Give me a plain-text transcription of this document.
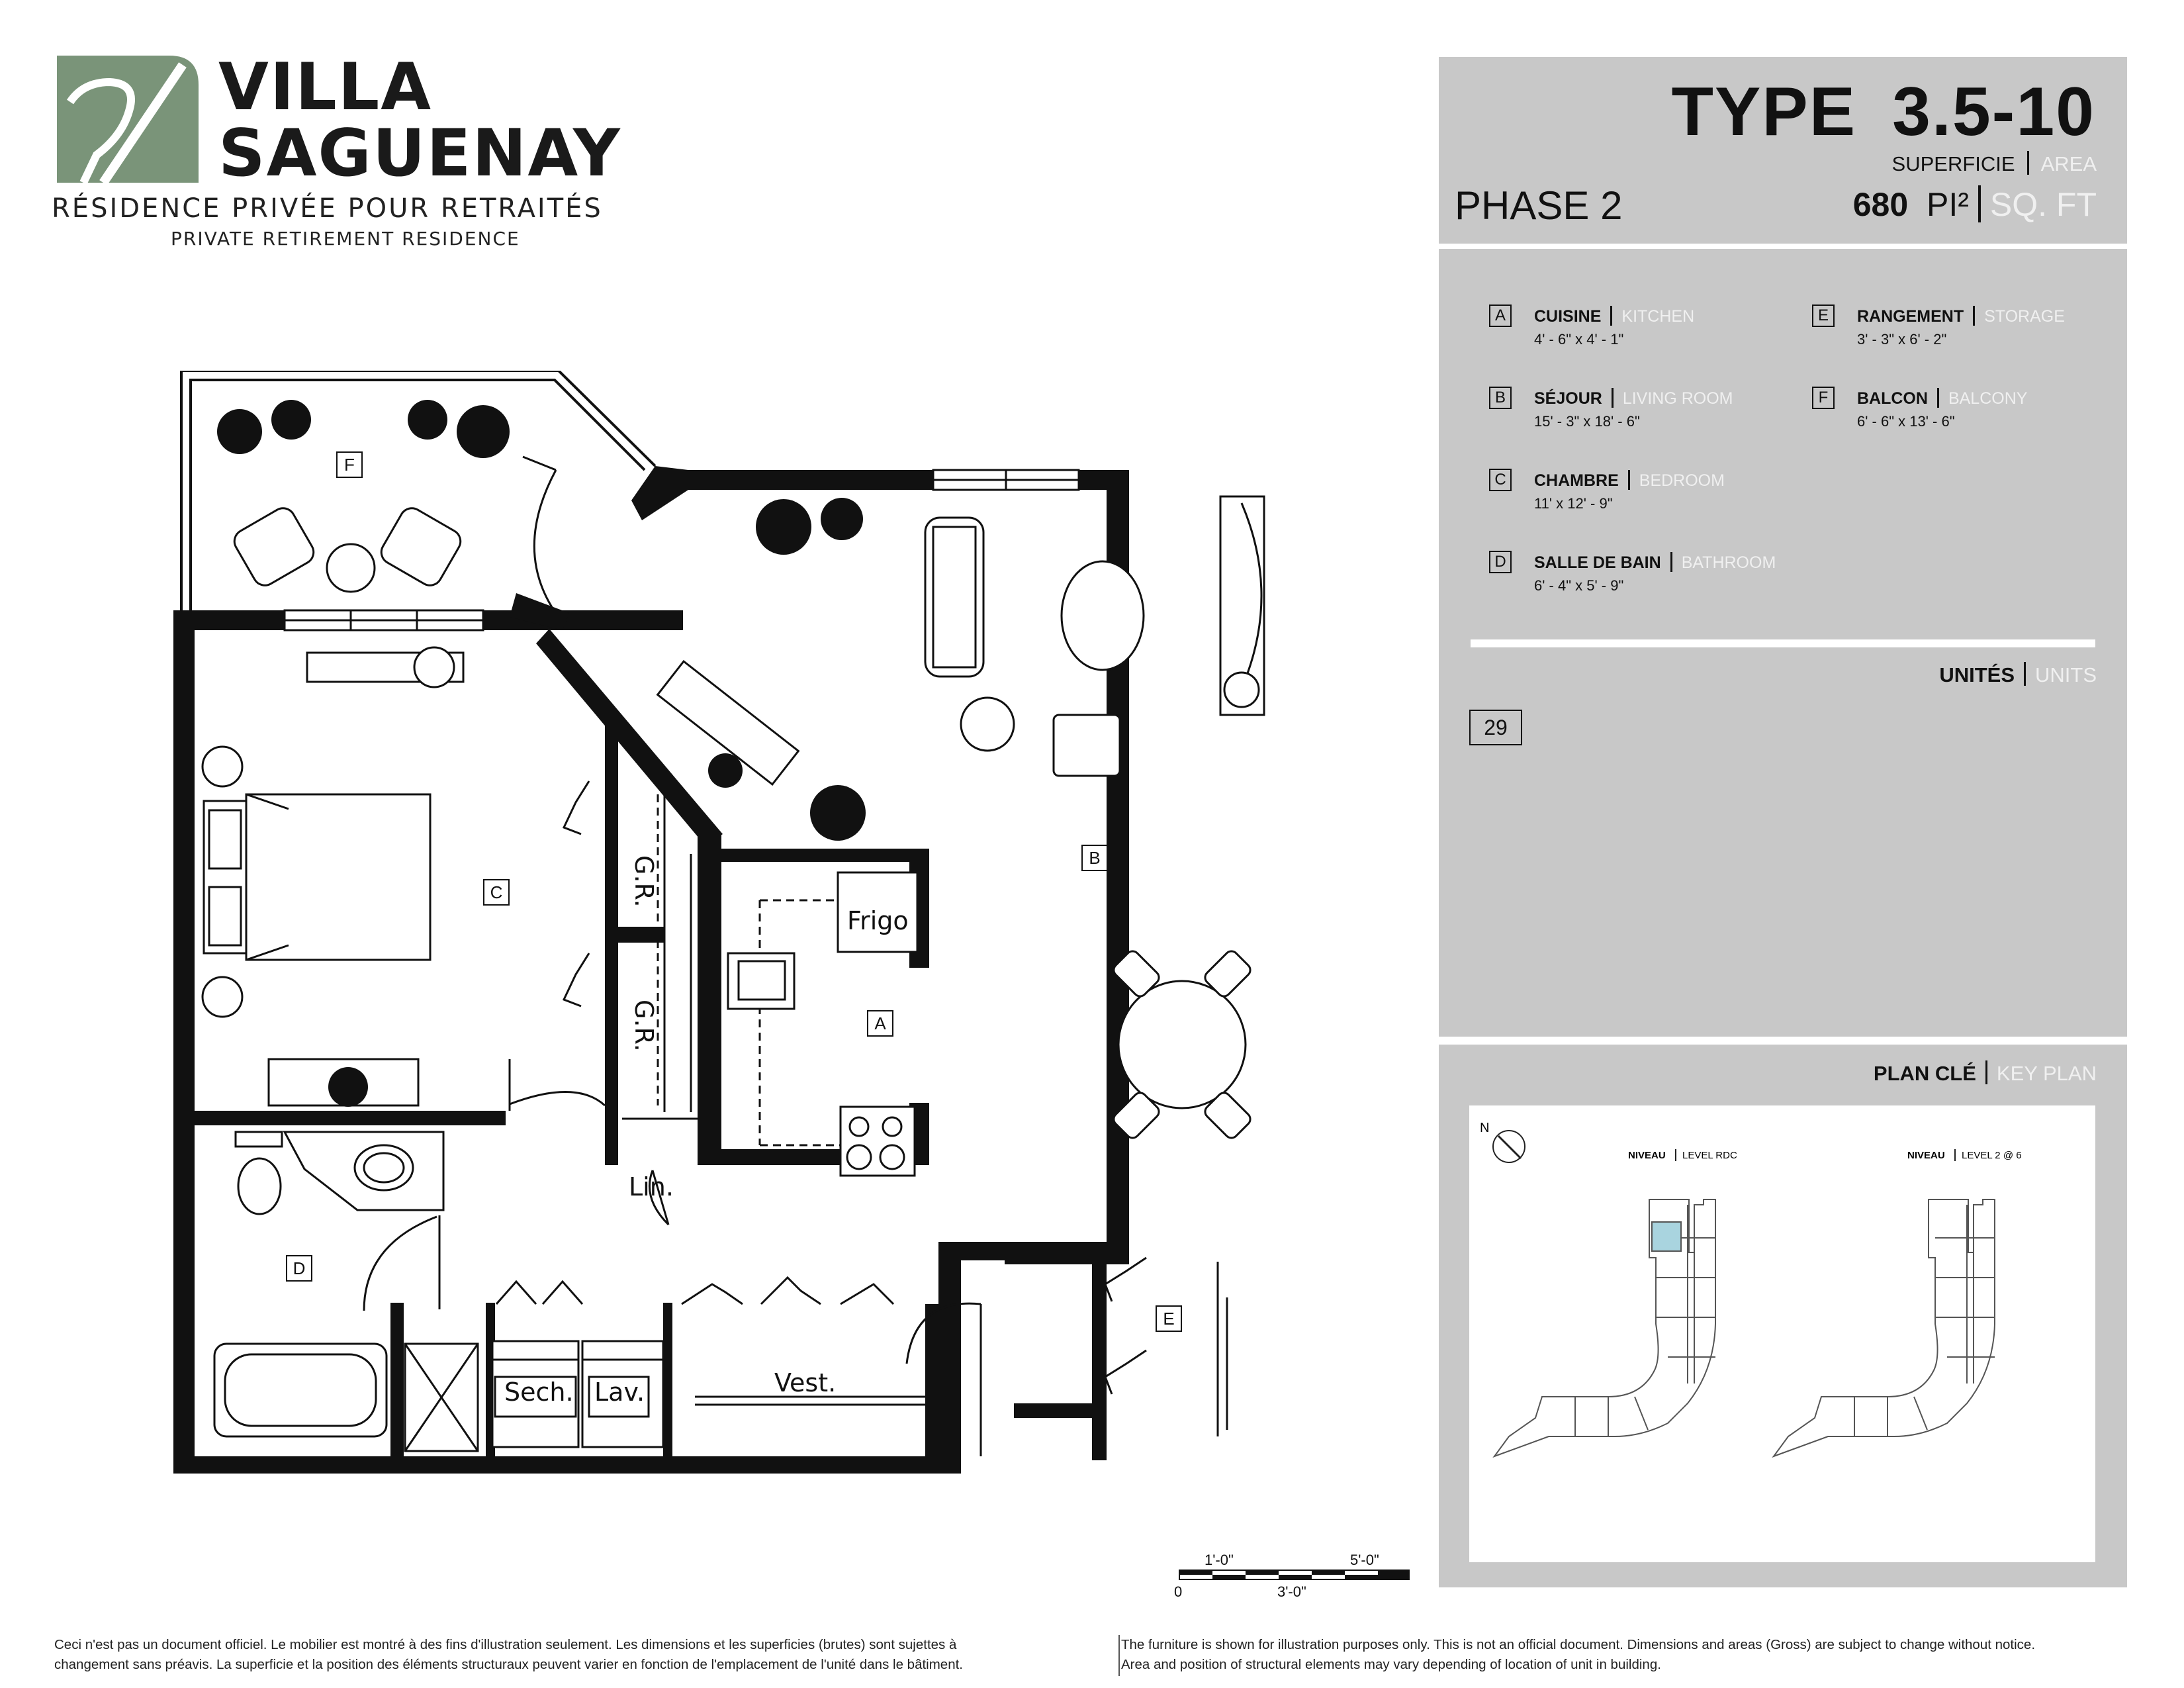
VILLA
SAGUENAY
RÉSIDENCE PRIVÉE POUR RETRAITÉS
PRIVATE RETIREMENT RESIDENCE
TYPE 3.5-10
SUPERFICIE AREA
PHASE 2	680 PI² SQ. FT
A	CUISINE KITCHEN
4' - 6" x 4' - 1"
B	SÉJOUR LIVING ROOM
15' - 3" x 18' - 6"
C	CHAMBRE BEDROOM
11' x 12' - 9"
D	SALLE DE BAIN BATHROOM
6' - 4" x 5' - 9"
E	RANGEMENT STORAGE
3' - 3" x 6' - 2"
F	BALCON BALCONY
6' - 6" x 13' - 6"
UNITÉS UNITS
29
PLAN CLÉ KEY PLAN
N
NIVEAU LEVEL RDC	NIVEAU LEVEL 2 @ 6
G.R.
G.R.
Frigo
Lin.
Sech. Lav.	Vest.
F
B
C
A
D
E
1'-0"	5'-0"
0	3'-0"
Ceci n'est pas un document officiel. Le mobilier est montré à des fins d'illustration seulement. Les dimensions et les superficies (brutes) sont sujettes à
changement sans préavis. La superficie et la position des éléments structuraux peuvent varier en fonction de l'emplacement de l'unité dans le bâtiment.
The furniture is shown for illustration purposes only. This is not an official document. Dimensions and areas (Gross) are subject to change without notice.
Area and position of structural elements may vary depending of location of unit in building.
